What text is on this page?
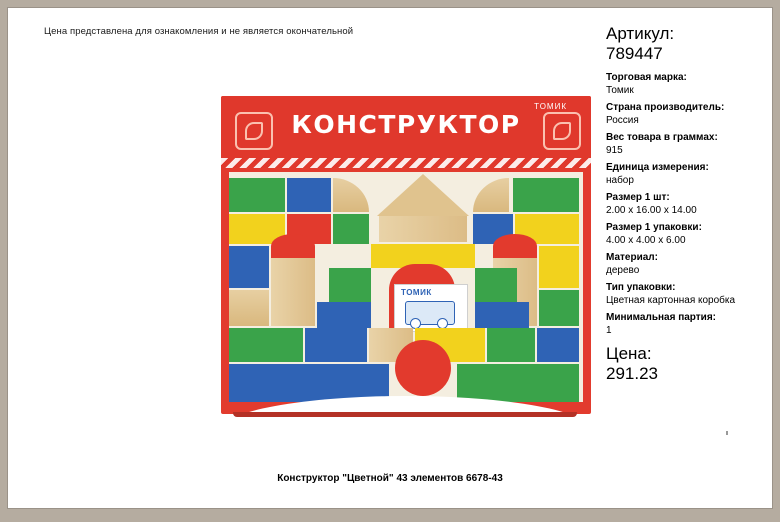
Цена представлена для ознакомления и не является окончательной
ТОМИК
КОНСТРУКТОР
ТОМИК
Артикул:
789447
Торговая марка:
Томик
Страна производитель:
Россия
Вес товара в граммах:
915
Единица измерения:
набор
Размер 1 шт:
2.00 x 16.00 x 14.00
Размер 1 упаковки:
4.00 x 4.00 x 6.00
Материал:
дерево
Тип упаковки:
Цветная картонная коробка
Минимальная партия:
1
Цена:
291.23
Конструктор "Цветной" 43 элементов 6678-43
